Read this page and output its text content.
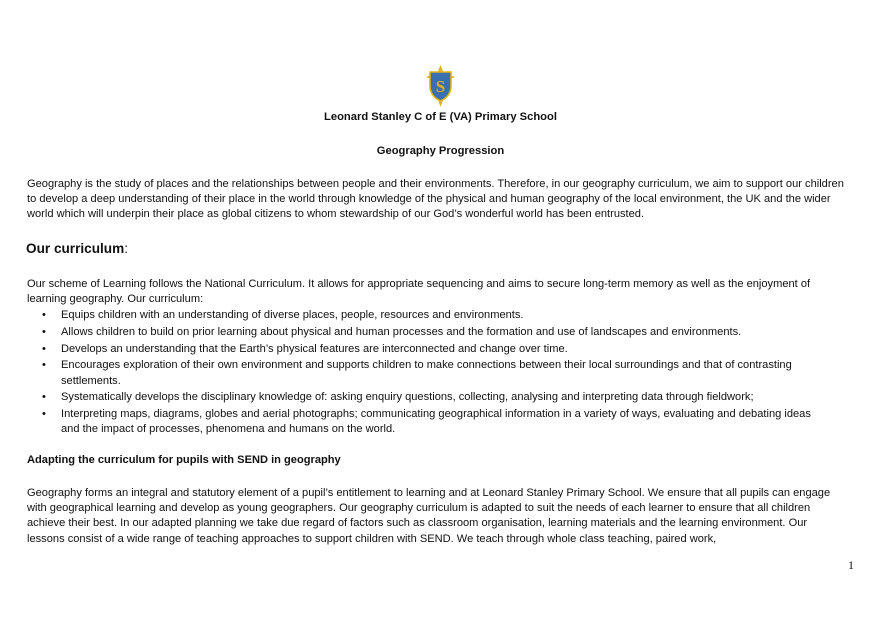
S
Leonard Stanley C of E (VA) Primary School
Geography Progression

Geography is the study of places and the relationships between people and their environments. Therefore, in our geography curriculum, we aim to support our children to develop a deep understanding of their place in the world through knowledge of the physical and human geography of the local environment, the UK and the wider world which will underpin their place as global citizens to whom stewardship of our God’s wonderful world has been entrusted.

Our curriculum:

Our scheme of Learning follows the National Curriculum. It allows for appropriate sequencing and aims to secure long-term memory as well as the enjoyment of learning geography. Our curriculum:

• Equips children with an understanding of diverse places, people, resources and environments.
• Allows children to build on prior learning about physical and human processes and the formation and use of landscapes and environments.
• Develops an understanding that the Earth’s physical features are interconnected and change over time.
• Encourages exploration of their own environment and supports children to make connections between their local surroundings and that of contrasting settlements.
• Systematically develops the disciplinary knowledge of: asking enquiry questions, collecting, analysing and interpreting data through fieldwork;
• Interpreting maps, diagrams, globes and aerial photographs; communicating geographical information in a variety of ways, evaluating and debating ideas and the impact of processes, phenomena and humans on the world.
Adapting the curriculum for pupils with SEND in geography

Geography forms an integral and statutory element of a pupil’s entitlement to learning and at Leonard Stanley Primary School. We ensure that all pupils can engage with geographical learning and develop as young geographers. Our geography curriculum is adapted to suit the needs of each learner to ensure that all children achieve their best. In our adapted planning we take due regard of factors such as classroom organisation, learning materials and the learning environment. Our lessons consist of a wide range of teaching approaches to support children with SEND. We teach through whole class teaching, paired work,

1
